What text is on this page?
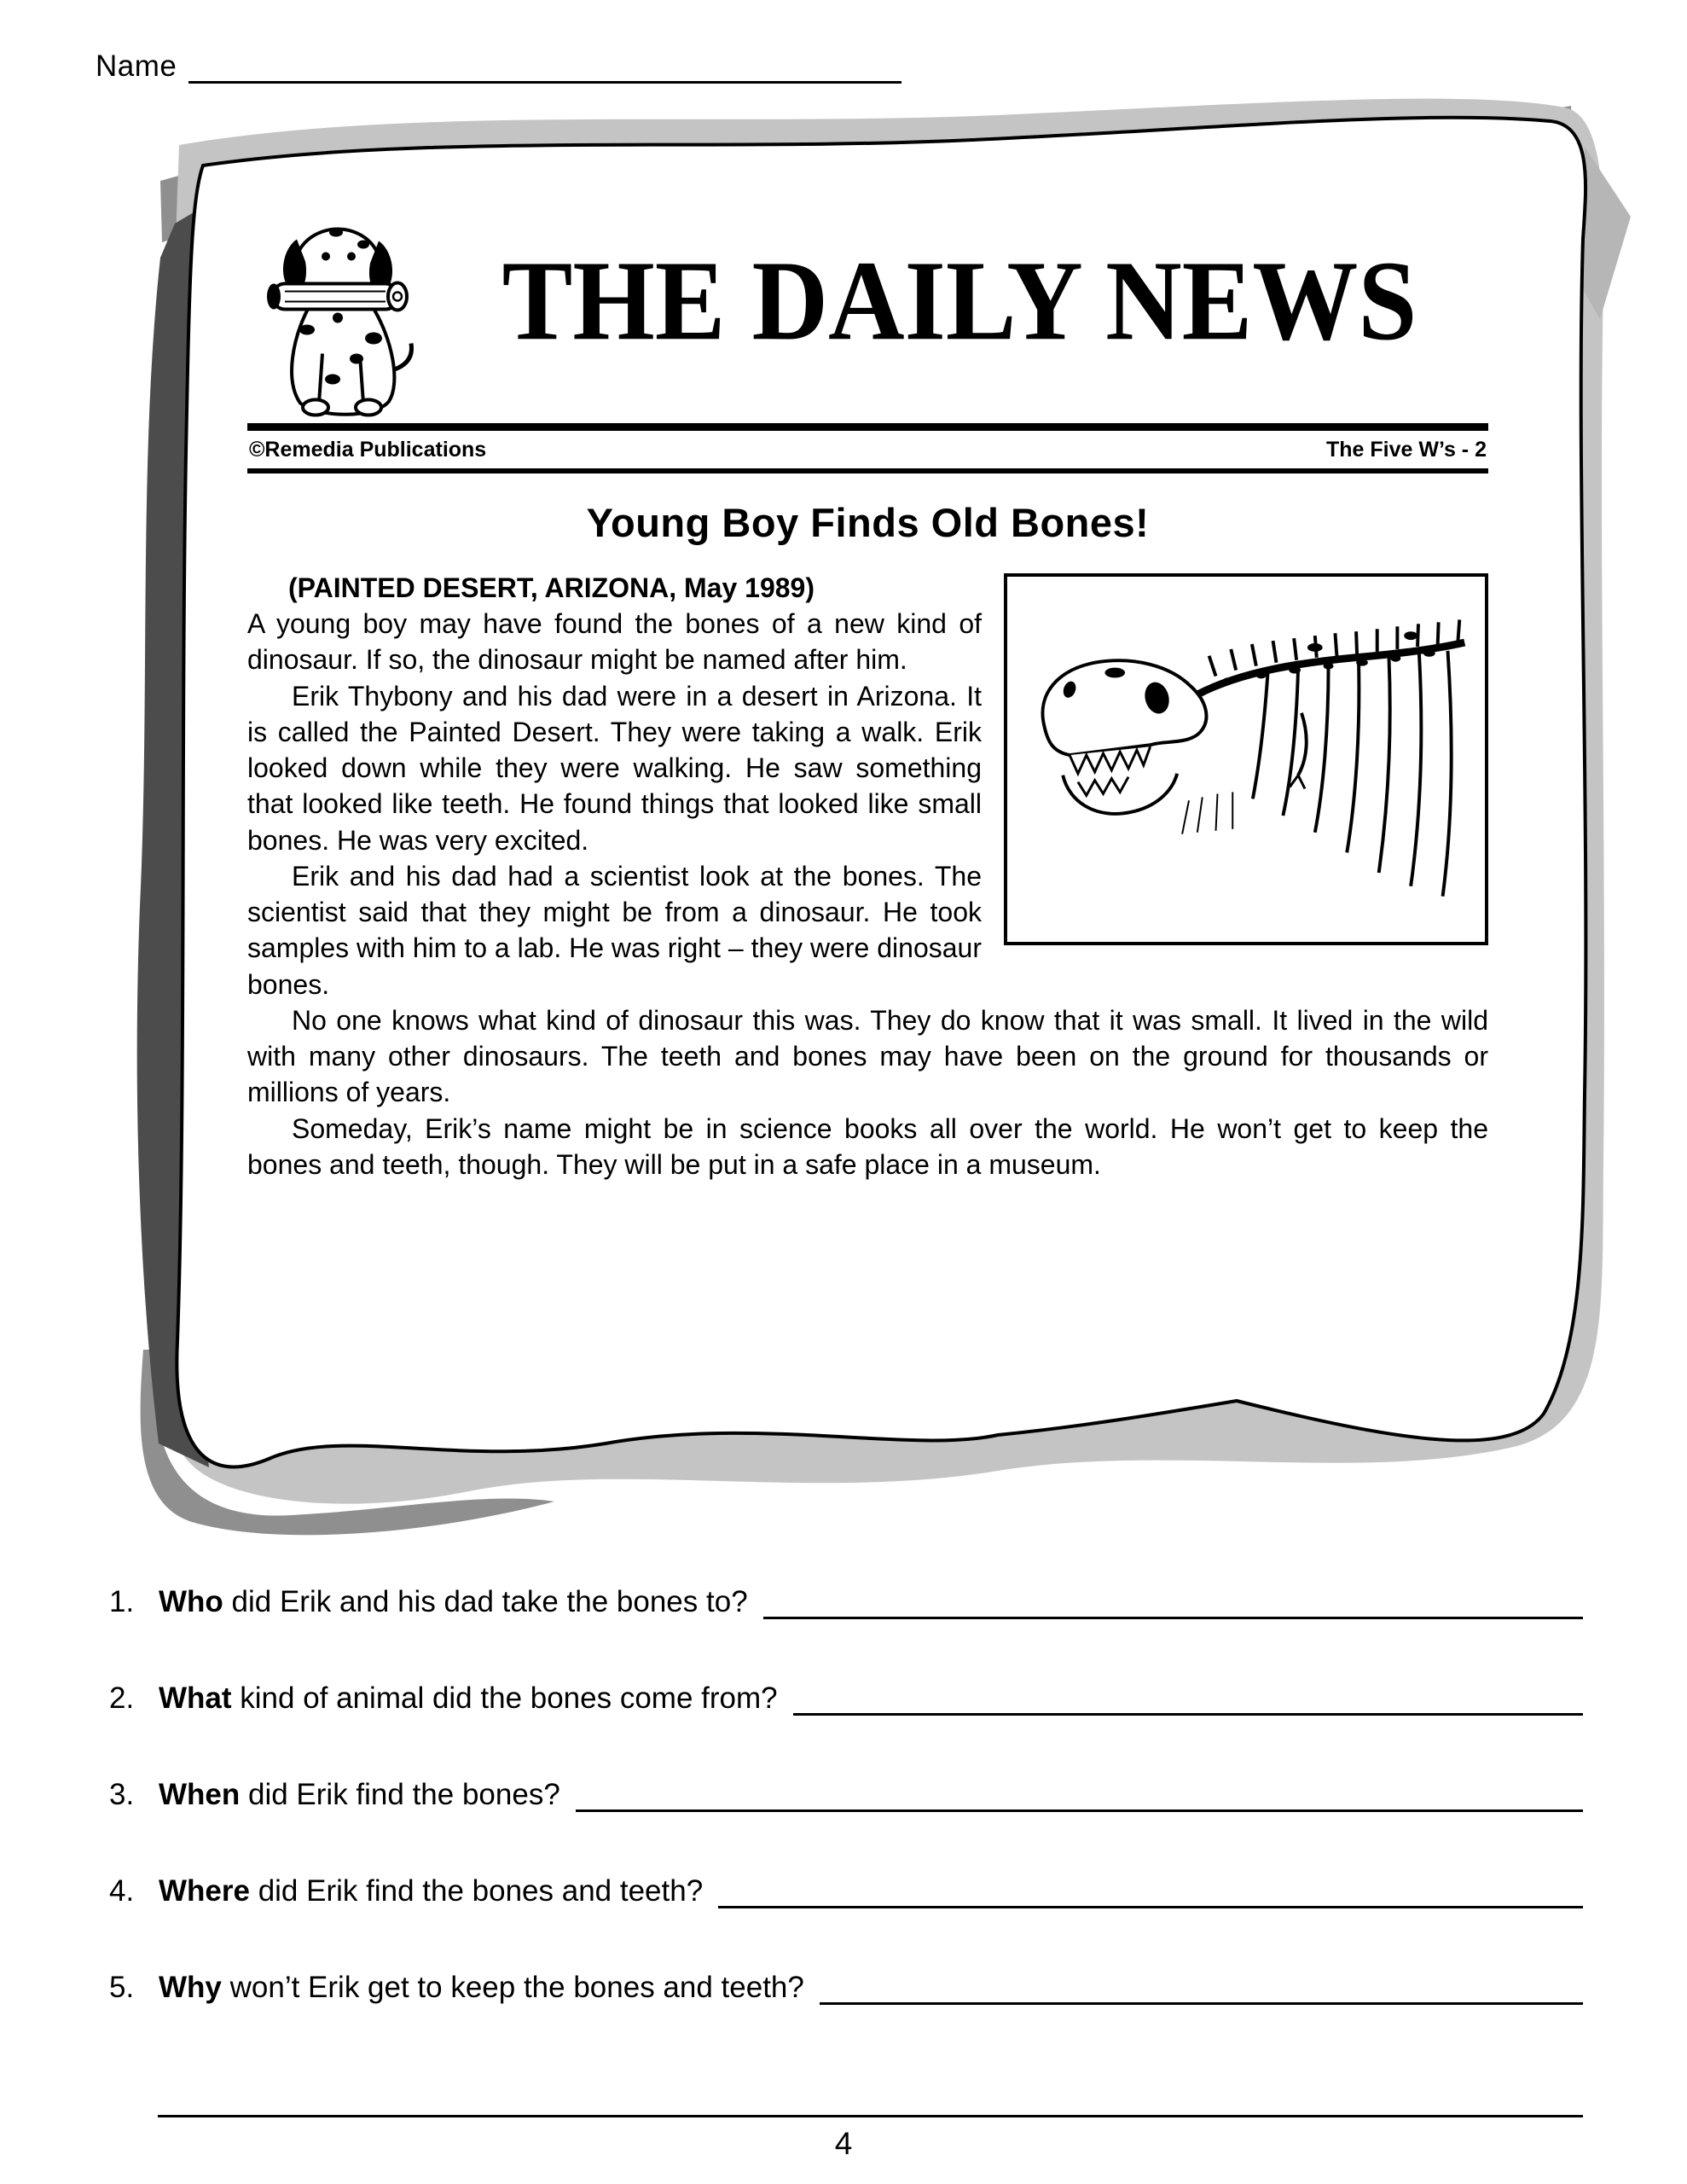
Name
THE DAILY NEWS
©Remedia Publications	The Five W’s - 2
Young Boy Finds Old Bones!
(PAINTED DESERT, ARIZONA, May 1989)

A young boy may have found the bones of a new kind of dinosaur. If so, the dinosaur might be named after him.

Erik Thybony and his dad were in a desert in Arizona. It is called the Painted Desert. They were taking a walk. Erik looked down while they were walking. He saw something that looked like teeth. He found things that looked like small bones. He was very excited.

Erik and his dad had a scientist look at the bones. The scientist said that they might be from a dinosaur. He took samples with him to a lab. He was right – they were dinosaur bones.

No one knows what kind of dinosaur this was. They do know that it was small. It lived in the wild with many other dinosaurs. The teeth and bones may have been on the ground for thousands or millions of years.

Someday, Erik’s name might be in science books all over the world. He won’t get to keep the bones and teeth, though. They will be put in a safe place in a museum.

1. Who did Erik and his dad take the bones to?
2. What kind of animal did the bones come from?
3. When did Erik find the bones?
4. Where did Erik find the bones and teeth?
5. Why won’t Erik get to keep the bones and teeth?
4
